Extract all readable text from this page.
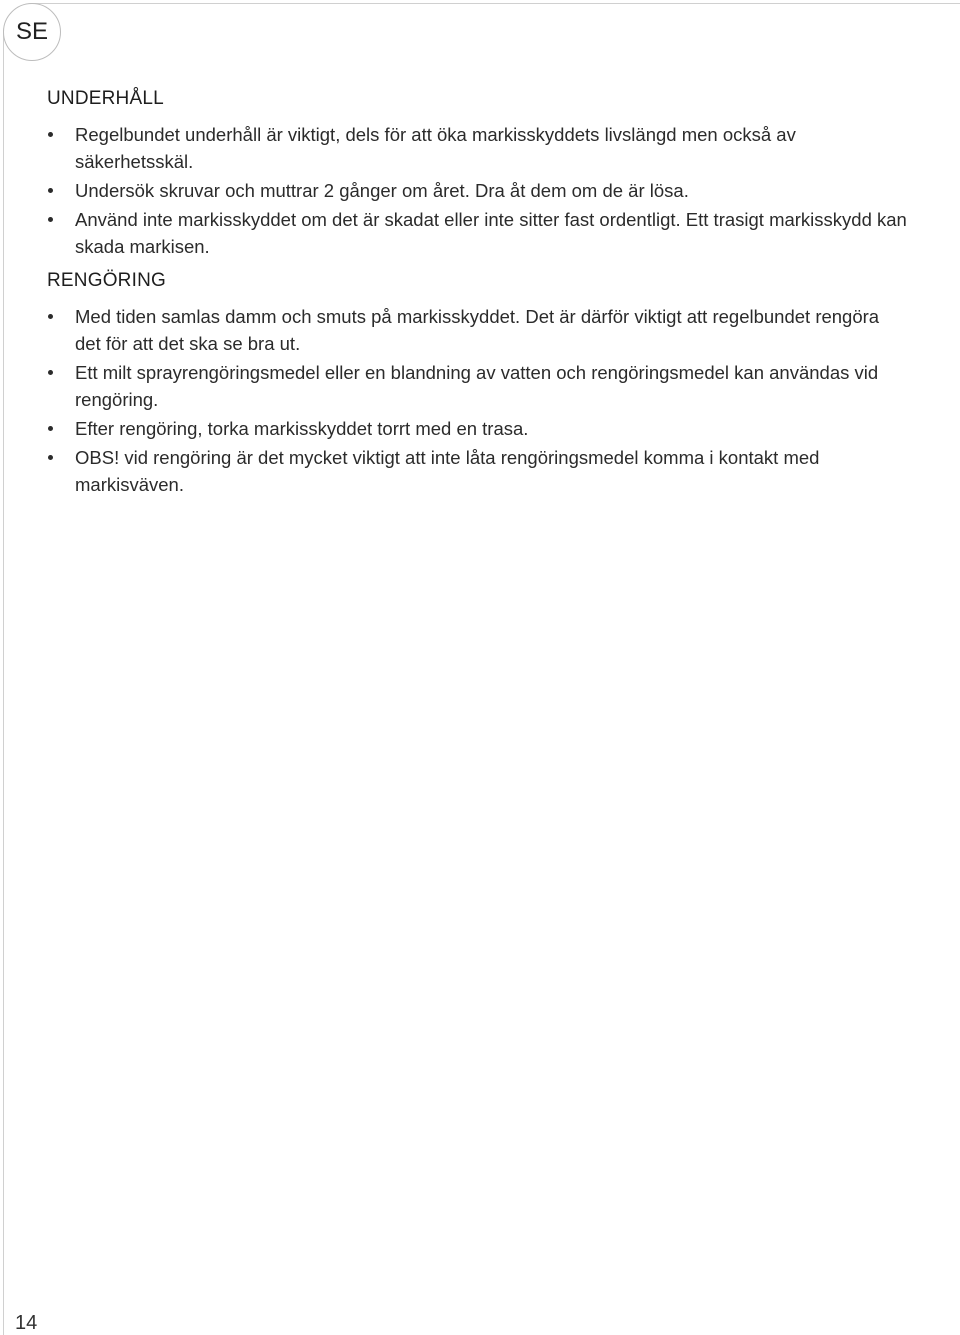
SE
UNDERHÅLL
Regelbundet underhåll är viktigt, dels för att öka markisskyddets livslängd men också av säkerhetsskäl.
Undersök skruvar och muttrar 2 gånger om året. Dra åt dem om de är lösa.
Använd inte markisskyddet om det är skadat eller inte sitter fast ordentligt. Ett trasigt markisskydd kan skada markisen.
RENGÖRING
Med tiden samlas damm och smuts på markisskyddet. Det är därför viktigt att regelbundet rengöra det för att det ska se bra ut.
Ett milt sprayrengöringsmedel eller en blandning av vatten och rengöringsmedel kan användas vid rengöring.
Efter rengöring, torka markisskyddet torrt med en trasa.
OBS! vid rengöring är det mycket viktigt att inte låta rengöringsmedel komma i kontakt med markisväven.
14
